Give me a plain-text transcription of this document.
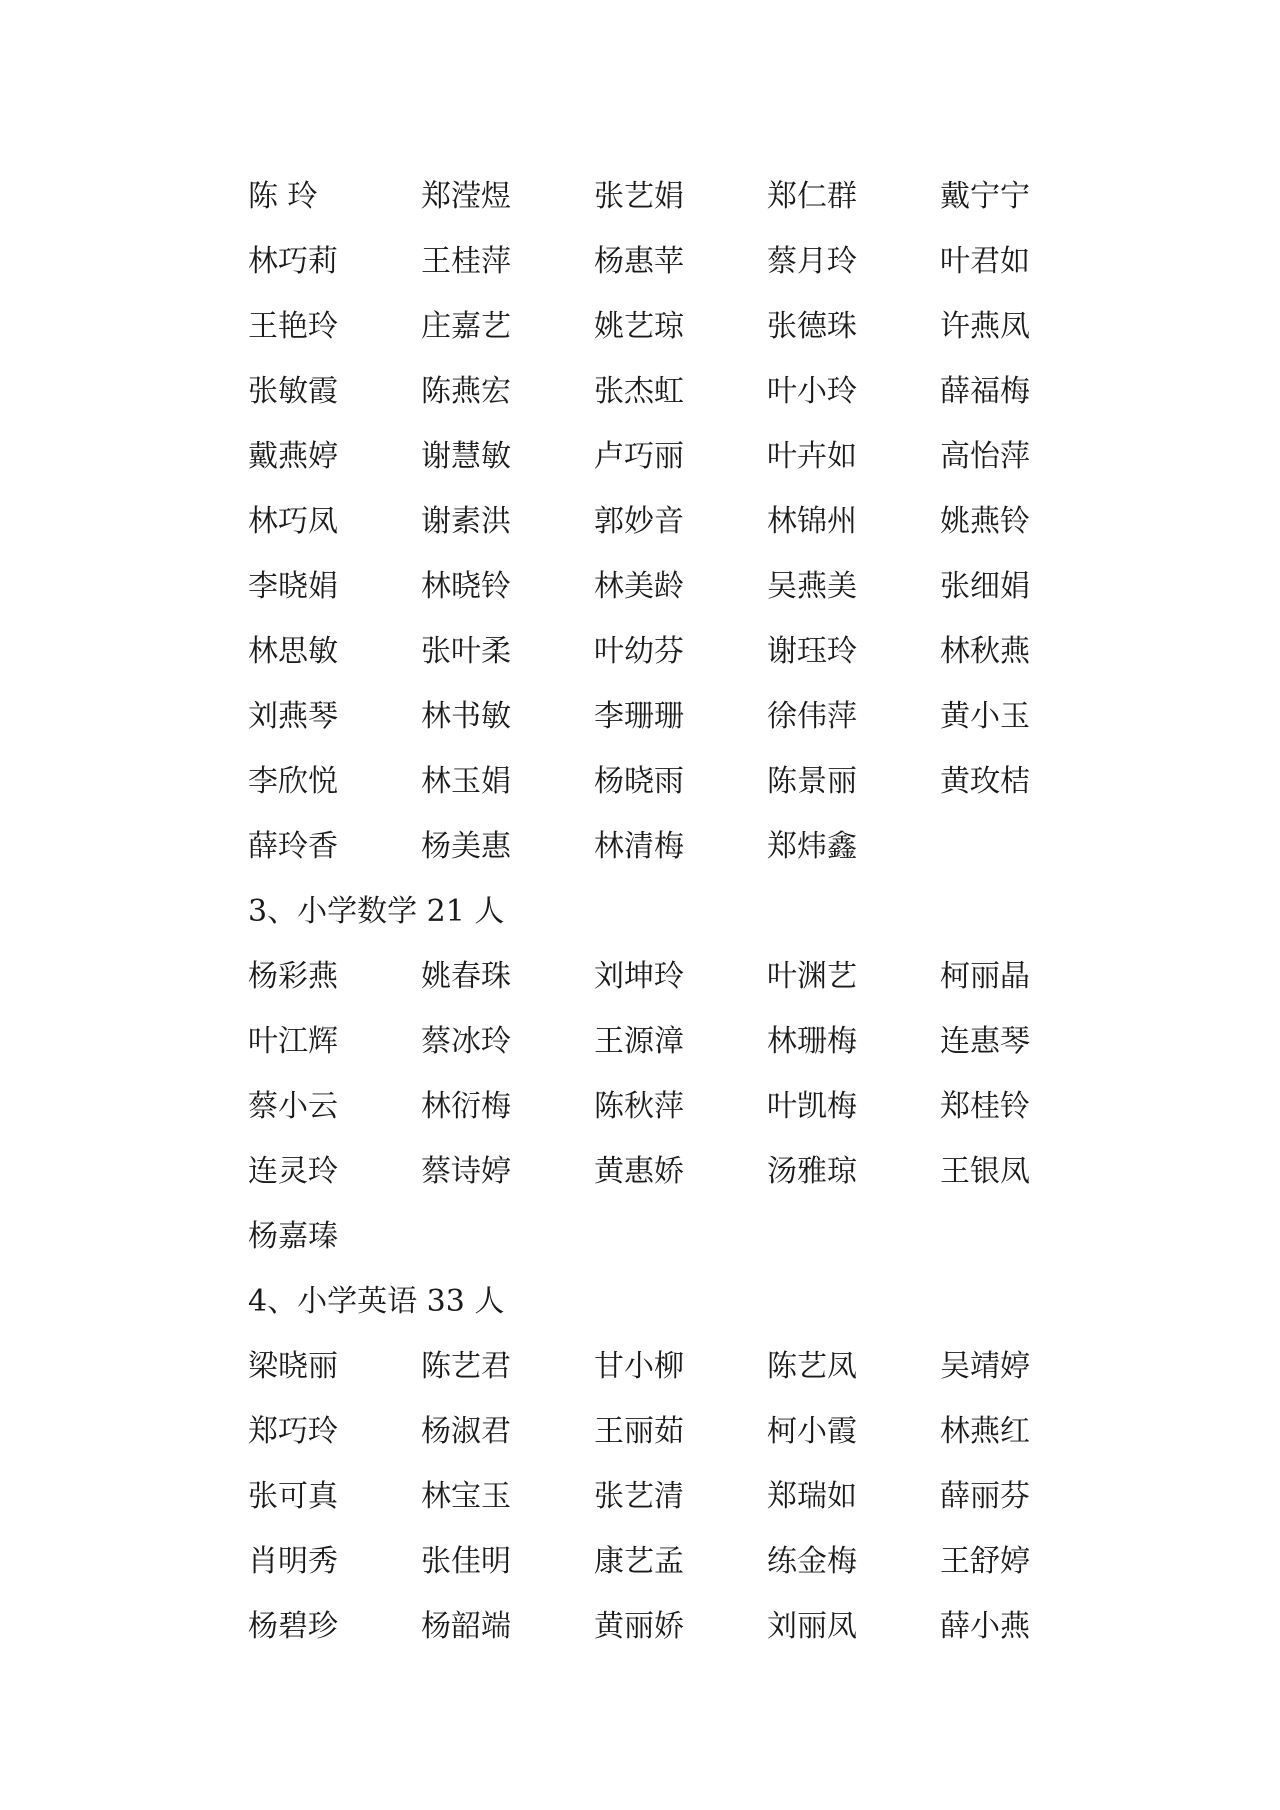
陈 玲	郑滢煜	张艺娟	郑仁群	戴宁宁
林巧莉	王桂萍	杨惠苹	蔡月玲	叶君如
王艳玲	庄嘉艺	姚艺琼	张德珠	许燕凤
张敏霞	陈燕宏	张杰虹	叶小玲	薛福梅
戴燕婷	谢慧敏	卢巧丽	叶卉如	高怡萍
林巧凤	谢素洪	郭妙音	林锦州	姚燕铃
李晓娟	林晓铃	林美龄	吴燕美	张细娟
林思敏	张叶柔	叶幼芬	谢珏玲	林秋燕
刘燕琴	林书敏	李珊珊	徐伟萍	黄小玉
李欣悦	林玉娟	杨晓雨	陈景丽	黄玫桔
薛玲香	杨美惠	林清梅	郑炜鑫
3、小学数学 21 人
杨彩燕	姚春珠	刘坤玲	叶渊艺	柯丽晶
叶江辉	蔡冰玲	王源漳	林珊梅	连惠琴
蔡小云	林衍梅	陈秋萍	叶凯梅	郑桂铃
连灵玲	蔡诗婷	黄惠娇	汤雅琼	王银凤
杨嘉瑧
4、小学英语 33 人
梁晓丽	陈艺君	甘小柳	陈艺凤	吴靖婷
郑巧玲	杨淑君	王丽茹	柯小霞	林燕红
张可真	林宝玉	张艺清	郑瑞如	薛丽芬
肖明秀	张佳明	康艺孟	练金梅	王舒婷
杨碧珍	杨韶端	黄丽娇	刘丽凤	薛小燕
